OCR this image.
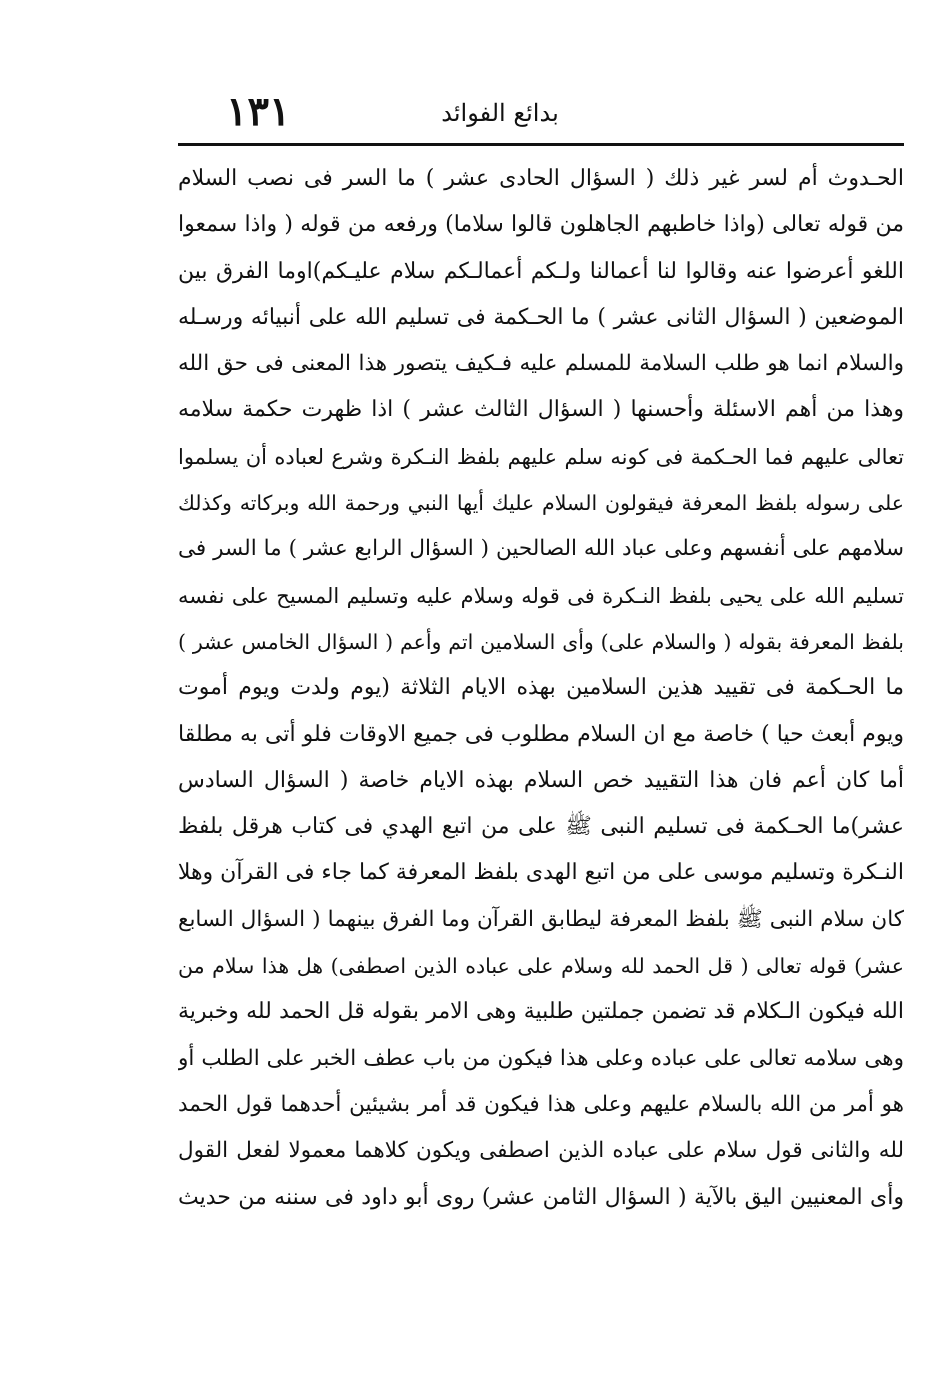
١٣١	بدائع الفوائد
الحـدوث أم لسر غير ذلك ( السؤال الحادى عشر ) ما السر فى نصب السلام
من قوله تعالى (واذا خاطبهم الجاهلون قالوا سلاما) ورفعه من قوله ( واذا سمعوا
اللغو أعرضوا عنه وقالوا لنا أعمالنا ولـكم أعمالـكم سلام عليـكم)اوما الفرق بين
الموضعين ( السؤال الثانى عشر ) ما الحـكمة فى تسليم الله على أنبيائه ورسـله
والسلام انما هو طلب السلامة للمسلم عليه فـكيف يتصور هذا المعنى فى حق الله
وهذا من أهم الاسئلة وأحسنها ( السؤال الثالث عشر ) اذا ظهرت حكمة سلامه
تعالى عليهم فما الحـكمة فى كونه سلم عليهم بلفظ النـكرة وشرع لعباده أن يسلموا
على رسوله بلفظ المعرفة فيقولون السلام عليك أيها النبي ورحمة الله وبركاته وكذلك
سلامهم على أنفسهم وعلى عباد الله الصالحين ( السؤال الرابع عشر ) ما السر فى
تسليم الله على يحيى بلفظ النـكرة فى قوله وسلام عليه وتسليم المسيح على نفسه
بلفظ المعرفة بقوله ( والسلام على) وأى السلامين اتم وأعم ( السؤال الخامس عشر )
ما الحـكمة فى تقييد هذين السلامين بهذه الايام الثلاثة (يوم ولدت ويوم أموت
ويوم أبعث حيا ) خاصة مع ان السلام مطلوب فى جميع الاوقات فلو أتى به مطلقا
أما كان أعم فان هذا التقييد خص السلام بهذه الايام خاصة ( السؤال السادس
عشر)ما الحـكمة فى تسليم النبى ﷺ على من اتبع الهدي فى كتاب هرقل بلفظ
النـكرة وتسليم موسى على من اتبع الهدى بلفظ المعرفة كما جاء فى القرآن وهلا
كان سلام النبى ﷺ بلفظ المعرفة ليطابق القرآن وما الفرق بينهما ( السؤال السابع
عشر) قوله تعالى ( قل الحمد لله وسلام على عباده الذين اصطفى) هل هذا سلام من
الله فيكون الـكلام قد تضمن جملتين طلبية وهى الامر بقوله قل الحمد لله وخبرية
وهى سلامه تعالى على عباده وعلى هذا فيكون من باب عطف الخبر على الطلب أو
هو أمر من الله بالسلام عليهم وعلى هذا فيكون قد أمر بشيئين أحدهما قول الحمد
لله والثانى قول سلام على عباده الذين اصطفى ويكون كلاهما معمولا لفعل القول
وأى المعنيين اليق بالآية ( السؤال الثامن عشر) روى أبو داود فى سننه من حديث
